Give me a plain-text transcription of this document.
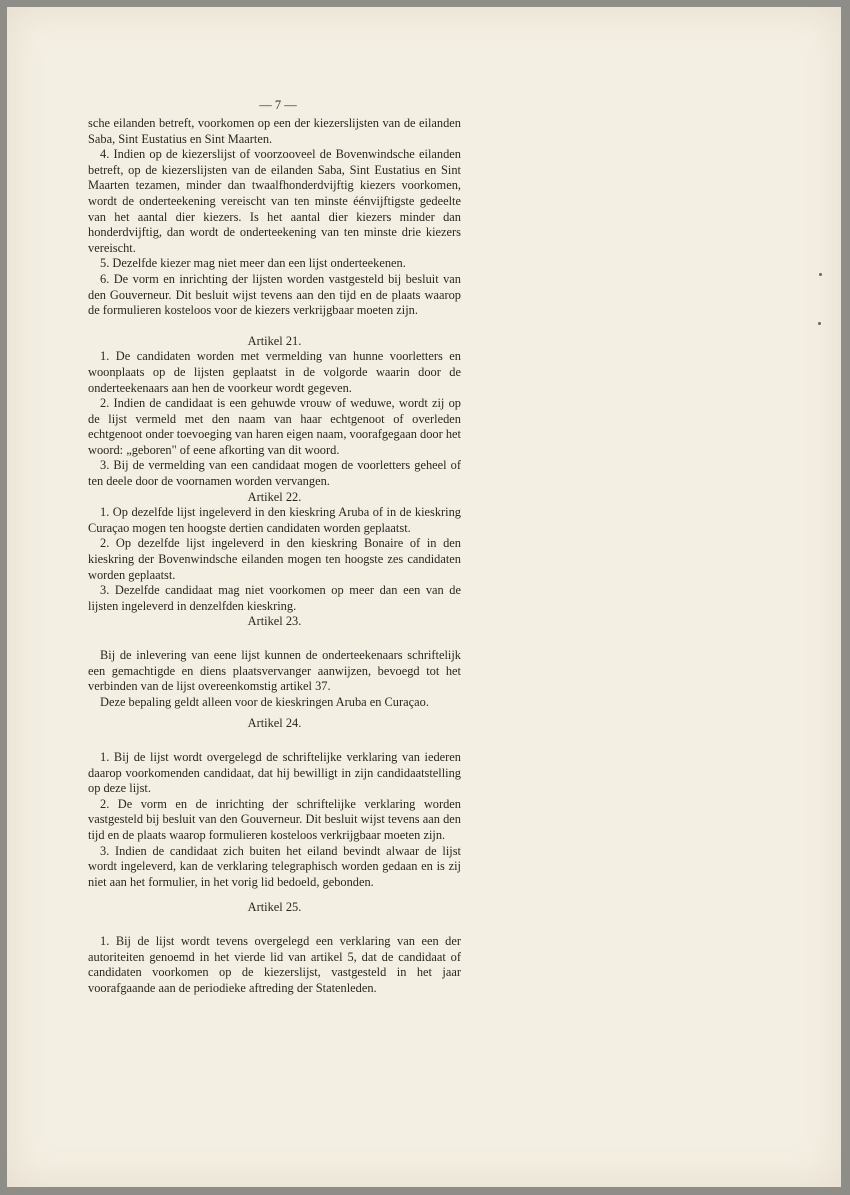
— 7 —

sche eilanden betreft, voorkomen op een der kiezerslijsten van de eilanden Saba, Sint Eustatius en Sint Maarten.

4. Indien op de kiezerslijst of voorzooveel de Bovenwindsche eilanden betreft, op de kiezerslijsten van de eilanden Saba, Sint Eustatius en Sint Maarten tezamen, minder dan twaalfhonderdvijftig kiezers voorkomen, wordt de onderteekening vereischt van ten minste éénvijftigste gedeelte van het aantal dier kiezers. Is het aantal dier kiezers minder dan honderdvijftig, dan wordt de onderteekening van ten minste drie kiezers vereischt.

5. Dezelfde kiezer mag niet meer dan een lijst onderteekenen.

6. De vorm en inrichting der lijsten worden vastgesteld bij besluit van den Gouverneur. Dit besluit wijst tevens aan den tijd en de plaats waarop de formulieren kosteloos voor de kiezers verkrijgbaar moeten zijn.

Artikel 21.

1. De candidaten worden met vermelding van hunne voorletters en woonplaats op de lijsten geplaatst in de volgorde waarin door de onderteekenaars aan hen de voorkeur wordt gegeven.

2. Indien de candidaat is een gehuwde vrouw of weduwe, wordt zij op de lijst vermeld met den naam van haar echtgenoot of overleden echtgenoot onder toevoeging van haren eigen naam, voorafgegaan door het woord: „geboren" of eene afkorting van dit woord.

3. Bij de vermelding van een candidaat mogen de voorletters geheel of ten deele door de voornamen worden vervangen.

Artikel 22.

1. Op dezelfde lijst ingeleverd in den kieskring Aruba of in de kieskring Curaçao mogen ten hoogste dertien candidaten worden geplaatst.

2. Op dezelfde lijst ingeleverd in den kieskring Bonaire of in den kieskring der Bovenwindsche eilanden mogen ten hoogste zes candidaten worden geplaatst.

3. Dezelfde candidaat mag niet voorkomen op meer dan een van de lijsten ingeleverd in denzelfden kieskring.

Artikel 23.

Bij de inlevering van eene lijst kunnen de onderteekenaars schriftelijk een gemachtigde en diens plaatsvervanger aanwijzen, bevoegd tot het verbinden van de lijst overeenkomstig artikel 37.

Deze bepaling geldt alleen voor de kieskringen Aruba en Curaçao.

Artikel 24.

1. Bij de lijst wordt overgelegd de schriftelijke verklaring van iederen daarop voorkomenden candidaat, dat hij bewilligt in zijn candidaatstelling op deze lijst.

2. De vorm en de inrichting der schriftelijke verklaring worden vastgesteld bij besluit van den Gouverneur. Dit besluit wijst tevens aan den tijd en de plaats waarop formulieren kosteloos verkrijgbaar moeten zijn.

3. Indien de candidaat zich buiten het eiland bevindt alwaar de lijst wordt ingeleverd, kan de verklaring telegraphisch worden gedaan en is zij niet aan het formulier, in het vorig lid bedoeld, gebonden.

Artikel 25.

1. Bij de lijst wordt tevens overgelegd een verklaring van een der autoriteiten genoemd in het vierde lid van artikel 5, dat de candidaat of candidaten voorkomen op de kiezerslijst, vastgesteld in het jaar voorafgaande aan de periodieke aftreding der Statenleden.
